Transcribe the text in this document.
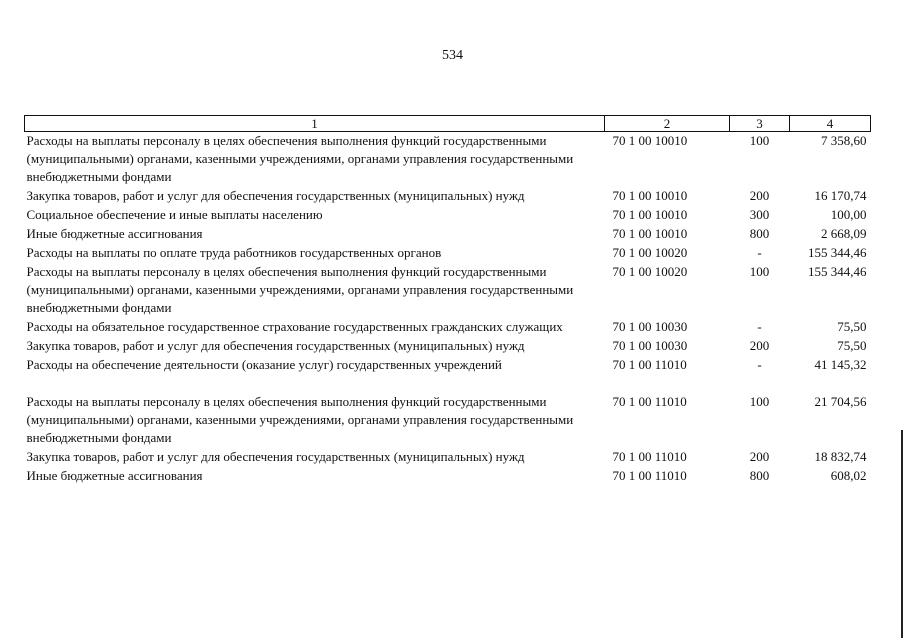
534
1	2	3	4
Расходы на выплаты персоналу в целях обеспечения выполнения функций государственными (муниципальными) органами, казенными учреждениями, органами управления государственными внебюджетными фондами	70 1 00 10010	100	7 358,60
Закупка товаров, работ и услуг для обеспечения государственных (муниципальных) нужд	70 1 00 10010	200	16 170,74
Социальное обеспечение и иные выплаты населению	70 1 00 10010	300	100,00
Иные бюджетные ассигнования	70 1 00 10010	800	2 668,09
Расходы на выплаты по оплате труда работников государственных органов	70 1 00 10020	-	155 344,46
Расходы на выплаты персоналу в целях обеспечения выполнения функций государственными (муниципальными) органами, казенными учреждениями, органами управления государственными внебюджетными фондами	70 1 00 10020	100	155 344,46
Расходы на обязательное государственное страхование государственных гражданских служащих	70 1 00 10030	-	75,50
Закупка товаров, работ и услуг для обеспечения государственных (муниципальных) нужд	70 1 00 10030	200	75,50
Расходы на обеспечение деятельности (оказание услуг) государственных учреждений	70 1 00 11010	-	41 145,32

Расходы на выплаты персоналу в целях обеспечения выполнения функций государственными (муниципальными) органами, казенными учреждениями, органами управления государственными внебюджетными фондами	70 1 00 11010	100	21 704,56
Закупка товаров, работ и услуг для обеспечения государственных (муниципальных) нужд	70 1 00 11010	200	18 832,74
Иные бюджетные ассигнования	70 1 00 11010	800	608,02
